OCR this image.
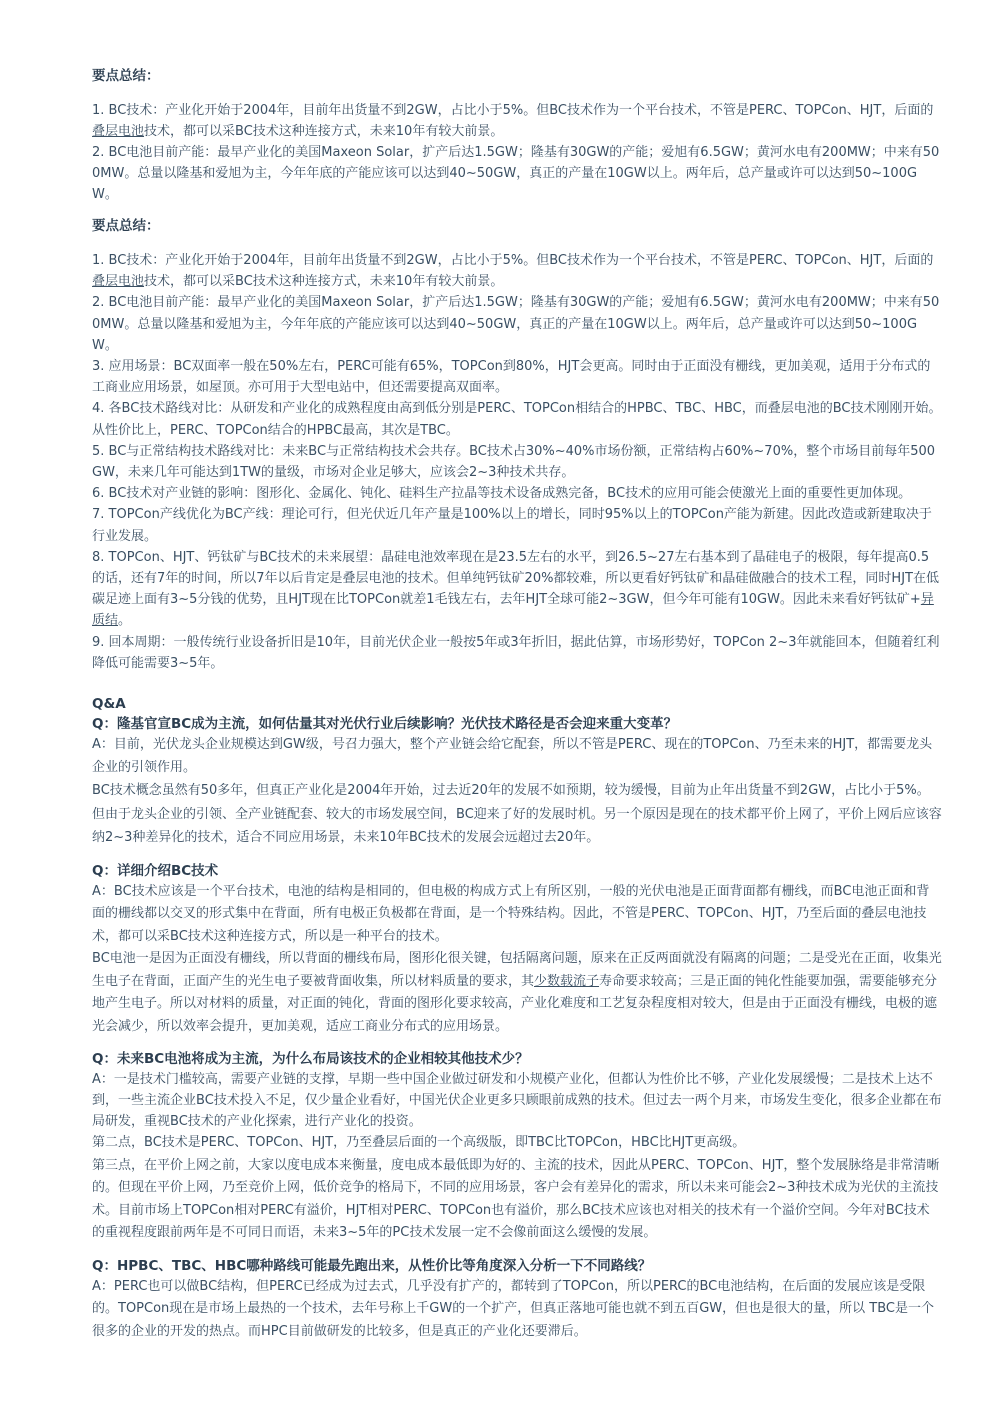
要点总结：

1. BC技术：产业化开始于2004年，目前年出货量不到2GW，占比小于5%。但BC技术作为一个平台技术，不管是PERC、TOPCon、HJT，后面的叠层电池技术，都可以采BC技术这种连接方式，未来10年有较大前景。

2. BC电池目前产能：最早产业化的美国Maxeon Solar，扩产后达1.5GW；隆基有30GW的产能；爱旭有6.5GW；黄河水电有200MW；中来有500MW。总量以隆基和爱旭为主，今年年底的产能应该可以达到40~50GW，真正的产量在10GW以上。两年后，总产量或许可以达到50~100GW。

要点总结：

1. BC技术：产业化开始于2004年，目前年出货量不到2GW，占比小于5%。但BC技术作为一个平台技术，不管是PERC、TOPCon、HJT，后面的叠层电池技术，都可以采BC技术这种连接方式，未来10年有较大前景。

2. BC电池目前产能：最早产业化的美国Maxeon Solar，扩产后达1.5GW；隆基有30GW的产能；爱旭有6.5GW；黄河水电有200MW；中来有500MW。总量以隆基和爱旭为主，今年年底的产能应该可以达到40~50GW，真正的产量在10GW以上。两年后，总产量或许可以达到50~100GW。

3. 应用场景：BC双面率一般在50%左右，PERC可能有65%，TOPCon到80%，HJT会更高。同时由于正面没有栅线，更加美观，适用于分布式的工商业应用场景，如屋顶。亦可用于大型电站中，但还需要提高双面率。

4. 各BC技术路线对比：从研发和产业化的成熟程度由高到低分别是PERC、TOPCon相结合的HPBC、TBC、HBC，而叠层电池的BC技术刚刚开始。从性价比上，PERC、TOPCon结合的HPBC最高，其次是TBC。

5. BC与正常结构技术路线对比：未来BC与正常结构技术会共存。BC技术占30%~40%市场份额，正常结构占60%~70%，整个市场目前每年500GW，未来几年可能达到1TW的量级，市场对企业足够大，应该会2~3种技术共存。

6. BC技术对产业链的影响：图形化、金属化、钝化、硅料生产拉晶等技术设备成熟完备，BC技术的应用可能会使激光上面的重要性更加体现。

7. TOPCon产线优化为BC产线：理论可行，但光伏近几年产量是100%以上的增长，同时95%以上的TOPCon产能为新建。因此改造或新建取决于行业发展。

8. TOPCon、HJT、钙钛矿与BC技术的未来展望：晶硅电池效率现在是23.5左右的水平，到26.5~27左右基本到了晶硅电子的极限，每年提高0.5的话，还有7年的时间，所以7年以后肯定是叠层电池的技术。但单纯钙钛矿20%都较难，所以更看好钙钛矿和晶硅做融合的技术工程，同时HJT在低碳足迹上面有3~5分钱的优势，且HJT现在比TOPCon就差1毛钱左右，去年HJT全球可能2~3GW，但今年可能有10GW。因此未来看好钙钛矿+异质结。

9. 回本周期：一般传统行业设备折旧是10年，目前光伏企业一般按5年或3年折旧，据此估算，市场形势好，TOPCon 2~3年就能回本，但随着红利降低可能需要3~5年。

Q&A

Q：隆基官宣BC成为主流，如何估量其对光伏行业后续影响？光伏技术路径是否会迎来重大变革？

A：目前，光伏龙头企业规模达到GW级，号召力强大，整个产业链会给它配套，所以不管是PERC、现在的TOPCon、乃至未来的HJT，都需要龙头企业的引领作用。

BC技术概念虽然有50多年，但真正产业化是2004年开始，过去近20年的发展不如预期，较为缓慢，目前为止年出货量不到2GW，占比小于5%。但由于龙头企业的引领、全产业链配套、较大的市场发展空间，BC迎来了好的发展时机。另一个原因是现在的技术都平价上网了，平价上网后应该容纳2~3种差异化的技术，适合不同应用场景，未来10年BC技术的发展会远超过去20年。

Q：详细介绍BC技术

A：BC技术应该是一个平台技术，电池的结构是相同的，但电极的构成方式上有所区别，一般的光伏电池是正面背面都有栅线，而BC电池正面和背面的栅线都以交叉的形式集中在背面，所有电极正负极都在背面，是一个特殊结构。因此，不管是PERC、TOPCon、HJT，乃至后面的叠层电池技术，都可以采BC技术这种连接方式，所以是一种平台的技术。

BC电池一是因为正面没有栅线，所以背面的栅线布局，图形化很关键，包括隔离问题，原来在正反两面就没有隔离的问题；二是受光在正面，收集光生电子在背面，正面产生的光生电子要被背面收集，所以材料质量的要求，其少数载流子寿命要求较高；三是正面的钝化性能要加强，需要能够充分地产生电子。所以对材料的质量，对正面的钝化，背面的图形化要求较高，产业化难度和工艺复杂程度相对较大，但是由于正面没有栅线，电极的遮光会减少，所以效率会提升，更加美观，适应工商业分布式的应用场景。

Q：未来BC电池将成为主流，为什么布局该技术的企业相较其他技术少？

A：一是技术门槛较高，需要产业链的支撑，早期一些中国企业做过研发和小规模产业化，但都认为性价比不够，产业化发展缓慢；二是技术上达不到，一些主流企业BC技术投入不足，仅少量企业看好，中国光伏企业更多只顾眼前成熟的技术。但过去一两个月来，市场发生变化，很多企业都在布局研发，重视BC技术的产业化探索，进行产业化的投资。

第二点，BC技术是PERC、TOPCon、HJT，乃至叠层后面的一个高级版，即TBC比TOPCon，HBC比HJT更高级。

第三点，在平价上网之前，大家以度电成本来衡量，度电成本最低即为好的、主流的技术，因此从PERC、TOPCon、HJT，整个发展脉络是非常清晰的。但现在平价上网，乃至竞价上网，低价竞争的格局下，不同的应用场景，客户会有差异化的需求，所以未来可能会2~3种技术成为光伏的主流技术。目前市场上TOPCon相对PERC有溢价，HJT相对PERC、TOPCon也有溢价，那么BC技术应该也对相关的技术有一个溢价空间。今年对BC技术的重视程度跟前两年是不可同日而语，未来3~5年的PC技术发展一定不会像前面这么缓慢的发展。

Q：HPBC、TBC、HBC哪种路线可能最先跑出来，从性价比等角度深入分析一下不同路线？

A：PERC也可以做BC结构，但PERC已经成为过去式，几乎没有扩产的，都转到了TOPCon，所以PERC的BC电池结构，在后面的发展应该是受限的。TOPCon现在是市场上最热的一个技术，去年号称上千GW的一个扩产，但真正落地可能也就不到五百GW，但也是很大的量，所以 TBC是一个很多的企业的开发的热点。而HPC目前做研发的比较多，但是真正的产业化还要滞后。
